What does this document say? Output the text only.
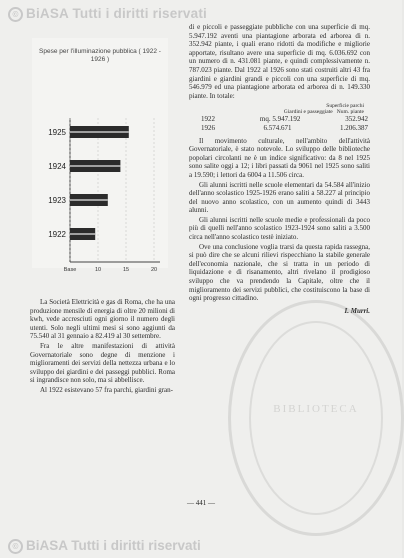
© BiASA Tutti i diritti riservati
BIBLIOTECA
Spese per l'illuminazione pubblica ( 1922 - 1926 )
Base	10	15	20
1925
1924
1923
1922

La Società Elettricità e gas di Roma, che ha una produzione mensile di energia di oltre 20 milioni di kwh, vede accresciuti ogni giorno il numero degli utenti. Solo negli ultimi mesi si sono aggiunti da 75.540 al 31 gennaio a 82.419 al 30 settembre.

Fra le altre manifestazioni di attività Governatoriale sono degne di menzione i miglioramenti dei servizi della nettezza urbana e lo sviluppo dei giardini e dei passeggi pubblici. Roma si ingrandisce non solo, ma si abbellisce.

Al 1922 esistevano 57 fra parchi, giardini gran-

di e piccoli e passeggiate pubbliche con una superficie di mq. 5.947.192 aventi una piantagione arborata ed arborea di n. 352.942 piante, i quali erano ridotti da modifiche e migliorie apportate, risultano avere una superficie di mq. 6.036.692 con un numero di n. 431.081 piante, e quindi complessivamente n. 787.023 piante. Dal 1922 al 1926 sono stati costruiti altri 43 fra giardini e giardini grandi e piccoli con una superficie di mq. 546.979 ed una piantagione arborata ed arborea di n. 149.330 piante. In totale:

Superficie parchi
Giardini e passeggiate Num. piante
1922	mq. 5.947.192	352.942
1926	6.574.671	1.206.387

Il movimento culturale, nell'ambito dell'attività Governatoriale, è stato notevole. Lo sviluppo delle biblioteche popolari circolanti ne è un indice significativo: da 8 nel 1925 sono salite oggi a 12; i libri passati da 9061 nel 1925 sono saliti a 19.590; i lettori da 6004 a 11.506 circa.

Gli alunni iscritti nelle scuole elementari da 54.584 all'inizio dell'anno scolastico 1925-1926 erano saliti a 58.227 al principio del nuovo anno scolastico, con un aumento quindi di 3443 alunni.

Gli alunni iscritti nelle scuole medie e professionali da poco più di quelli nell'anno scolastico 1923-1924 sono saliti a 3.500 circa nell'anno scolastico testè iniziato.

Ove una conclusione voglia trarsi da questa rapida rassegna, si può dire che se alcuni rilievi rispecchiano la stabile generale dell'economia nazionale, che si tratta in un periodo di liquidazione e di risanamento, altri rivelano il prodigioso sviluppo che va prendendo la Capitale, oltre che il miglioramento dei servizi pubblici, che costituiscono la base di ogni progresso cittadino.

I. Murri.
— 441 —
© BiASA Tutti i diritti riservati
